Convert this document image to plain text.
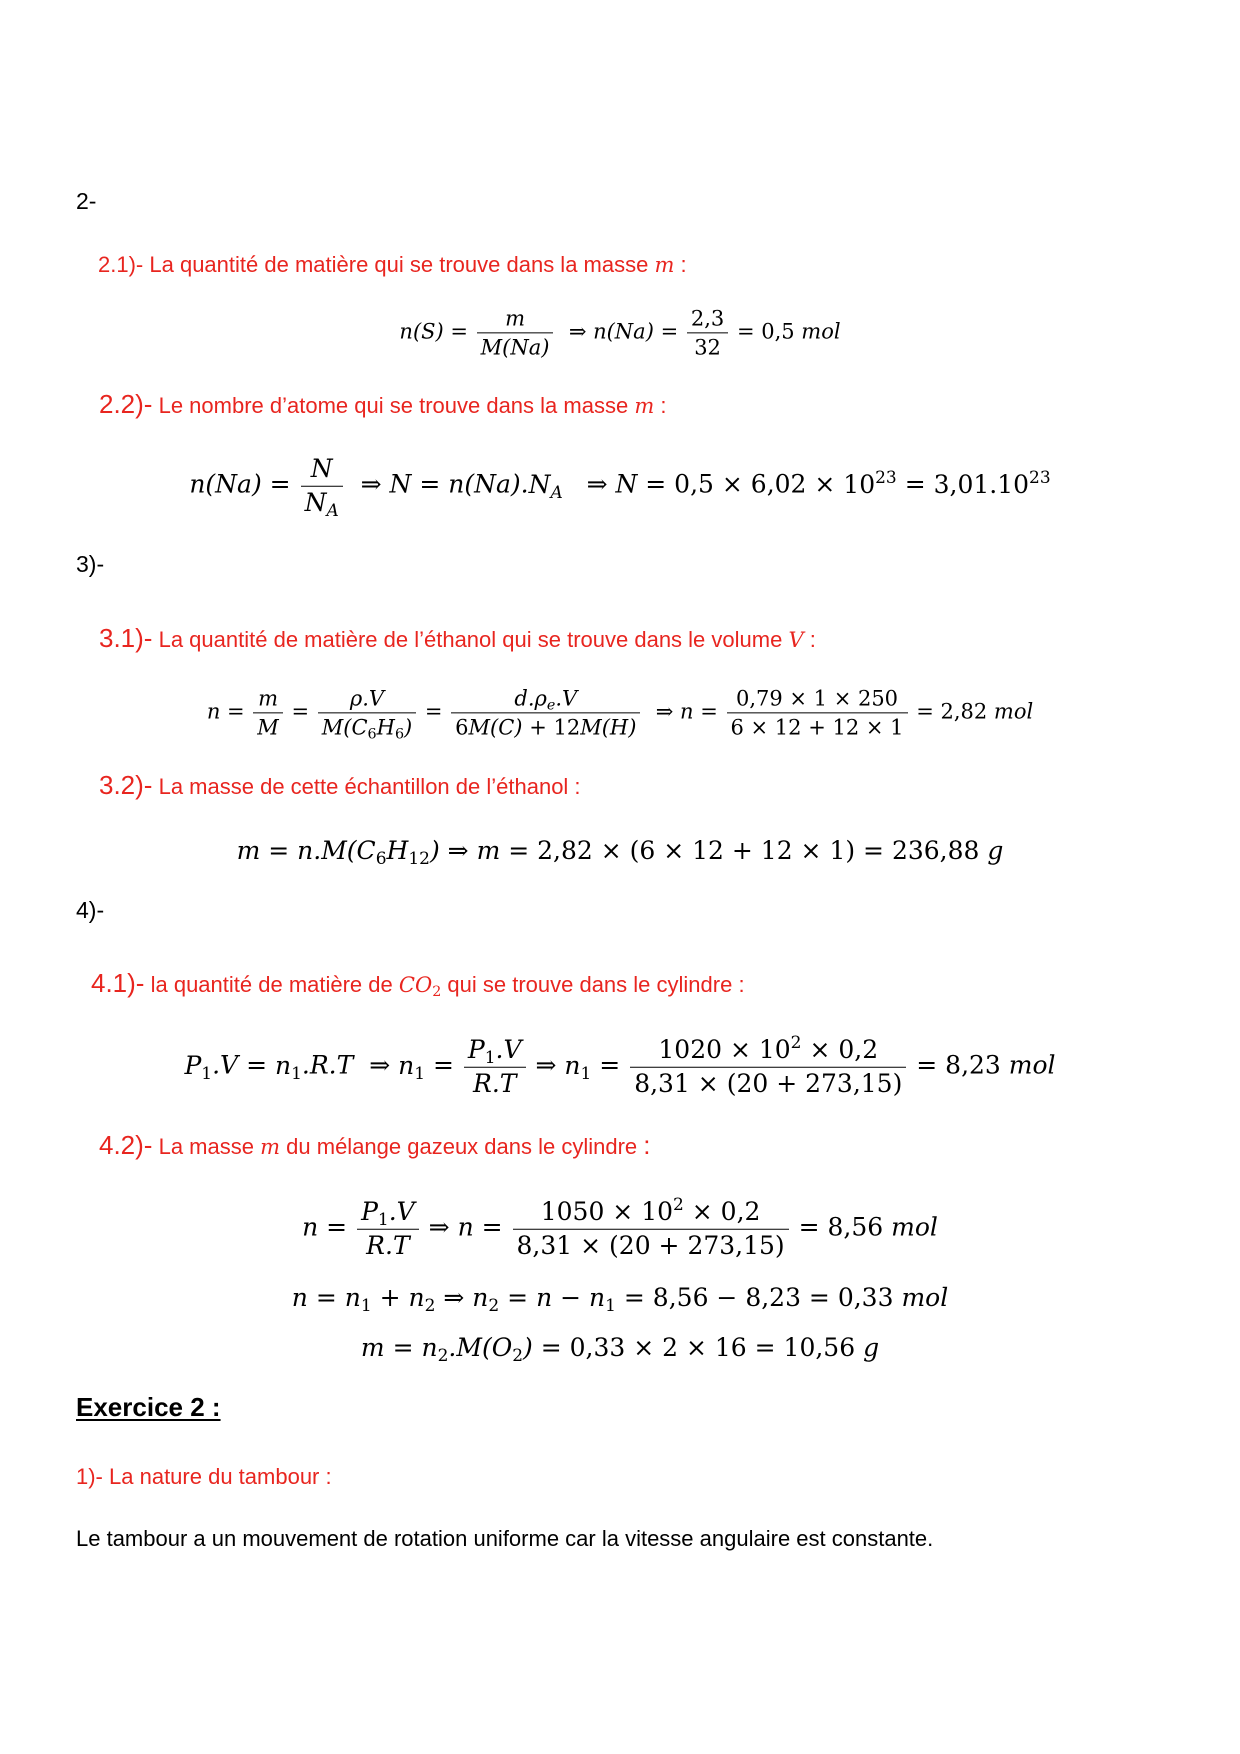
2-
2.1)- La quantité de matière qui se trouve dans la masse m :
$n(S) = \frac{m}{M(Na)}$ ⇒ $n(Na) = \frac{2,3}{32} = 0,5$ mol
2.2)- Le nombre d’atome qui se trouve dans la masse m :
$n(Na) = \frac{N}{N_A}$ ⇒ $N = n(Na).N_A$   ⇒ $N = 0,5 \times 6,02 \times 10^{23} = 3,01.10^{23}$
3)-
3.1)- La quantité de matière de l’éthanol qui se trouve dans le volume V :
$n = \frac{m}{M} = \frac{\rho.V}{M(C_6H_6)} = \frac{d.\rho_e.V}{6M(C) + 12M(H)}$ ⇒ $n = \frac{0,79 \times 1 \times 250}{6 \times 12 + 12 \times 1} = 2,82$ mol
3.2)- La masse de cette échantillon de l’éthanol :
$m = n.M(C_6H_{12})$ ⇒ m = 2,82 × (6 × 12 + 12 × 1) = 236,88 g
4)-
4.1)- la quantité de matière de $CO_2$ qui se trouve dans le cylindre :
$P_1.V = n_1.R.T$  ⇒ $n_1 = \frac{P_1.V}{R.T}$ ⇒ $n_1 = \frac{1020 \times 10^2 \times 0,2}{8,31 \times (20 + 273,15)} = 8,23$ mol
4.2)- La masse m du mélange gazeux dans le cylindre :
$n = \frac{P_1.V}{R.T}$ ⇒ $n = \frac{1050 \times 10^2 \times 0,2}{8,31 \times (20 + 273,15)} = 8,56$ mol
$n = n_1 + n_2$ ⇒ $n_2 = n - n_1 = 8,56 - 8,23 = 0,33$ mol
$m = n_2.M(O_2) = 0,33 \times 2 \times 16 = 10,56$ g
Exercice 2 :
1)- La nature du tambour :
Le tambour a un mouvement de rotation uniforme car la vitesse angulaire est constante.
